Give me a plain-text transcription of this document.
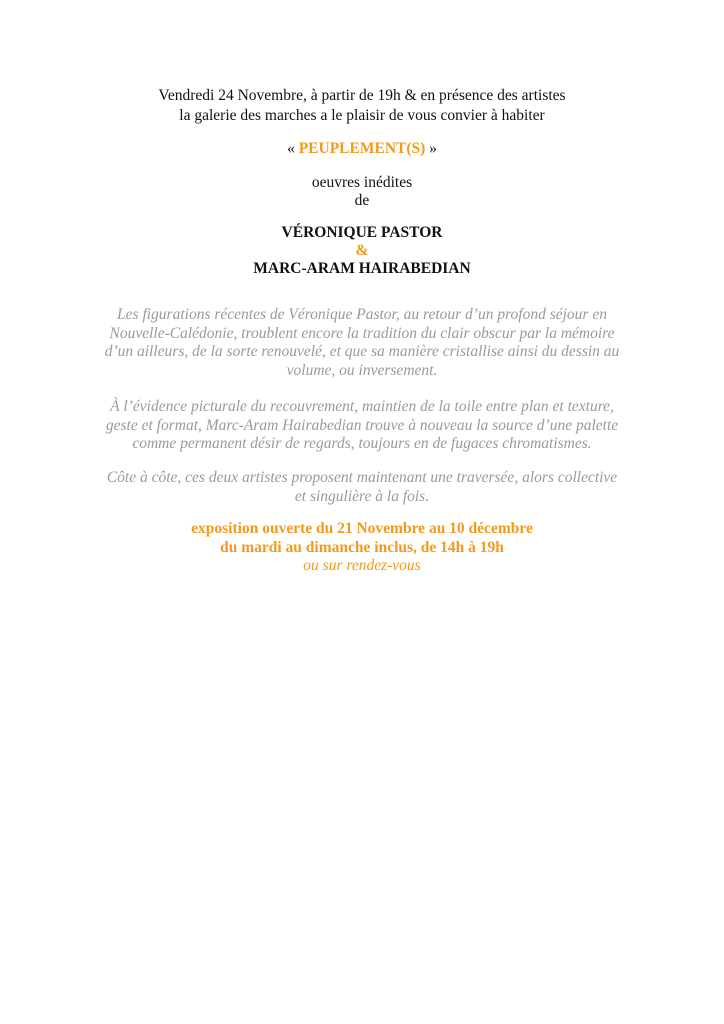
Vendredi 24 Novembre, à partir de 19h & en présence des artistes
la galerie des marches a le plaisir de vous convier à habiter
« PEUPLEMENT(S) »
oeuvres inédites
de
VÉRONIQUE PASTOR
&
MARC-ARAM HAIRABEDIAN
Les figurations récentes de Véronique Pastor, au retour d’un profond séjour en
Nouvelle-Calédonie, troublent encore la tradition du clair obscur par la mémoire
d’un ailleurs, de la sorte renouvelé, et que sa manière cristallise ainsi du dessin au
volume, ou inversement.
À l’évidence picturale du recouvrement, maintien de la toile entre plan et texture,
geste et format, Marc-Aram Hairabedian trouve à nouveau la source d’une palette
comme permanent désir de regards, toujours en de fugaces chromatismes.
Côte à côte, ces deux artistes proposent maintenant une traversée, alors collective
et singulière à la fois.
exposition ouverte du 21 Novembre au 10 décembre
du mardi au dimanche inclus, de 14h à 19h
ou sur rendez-vous
